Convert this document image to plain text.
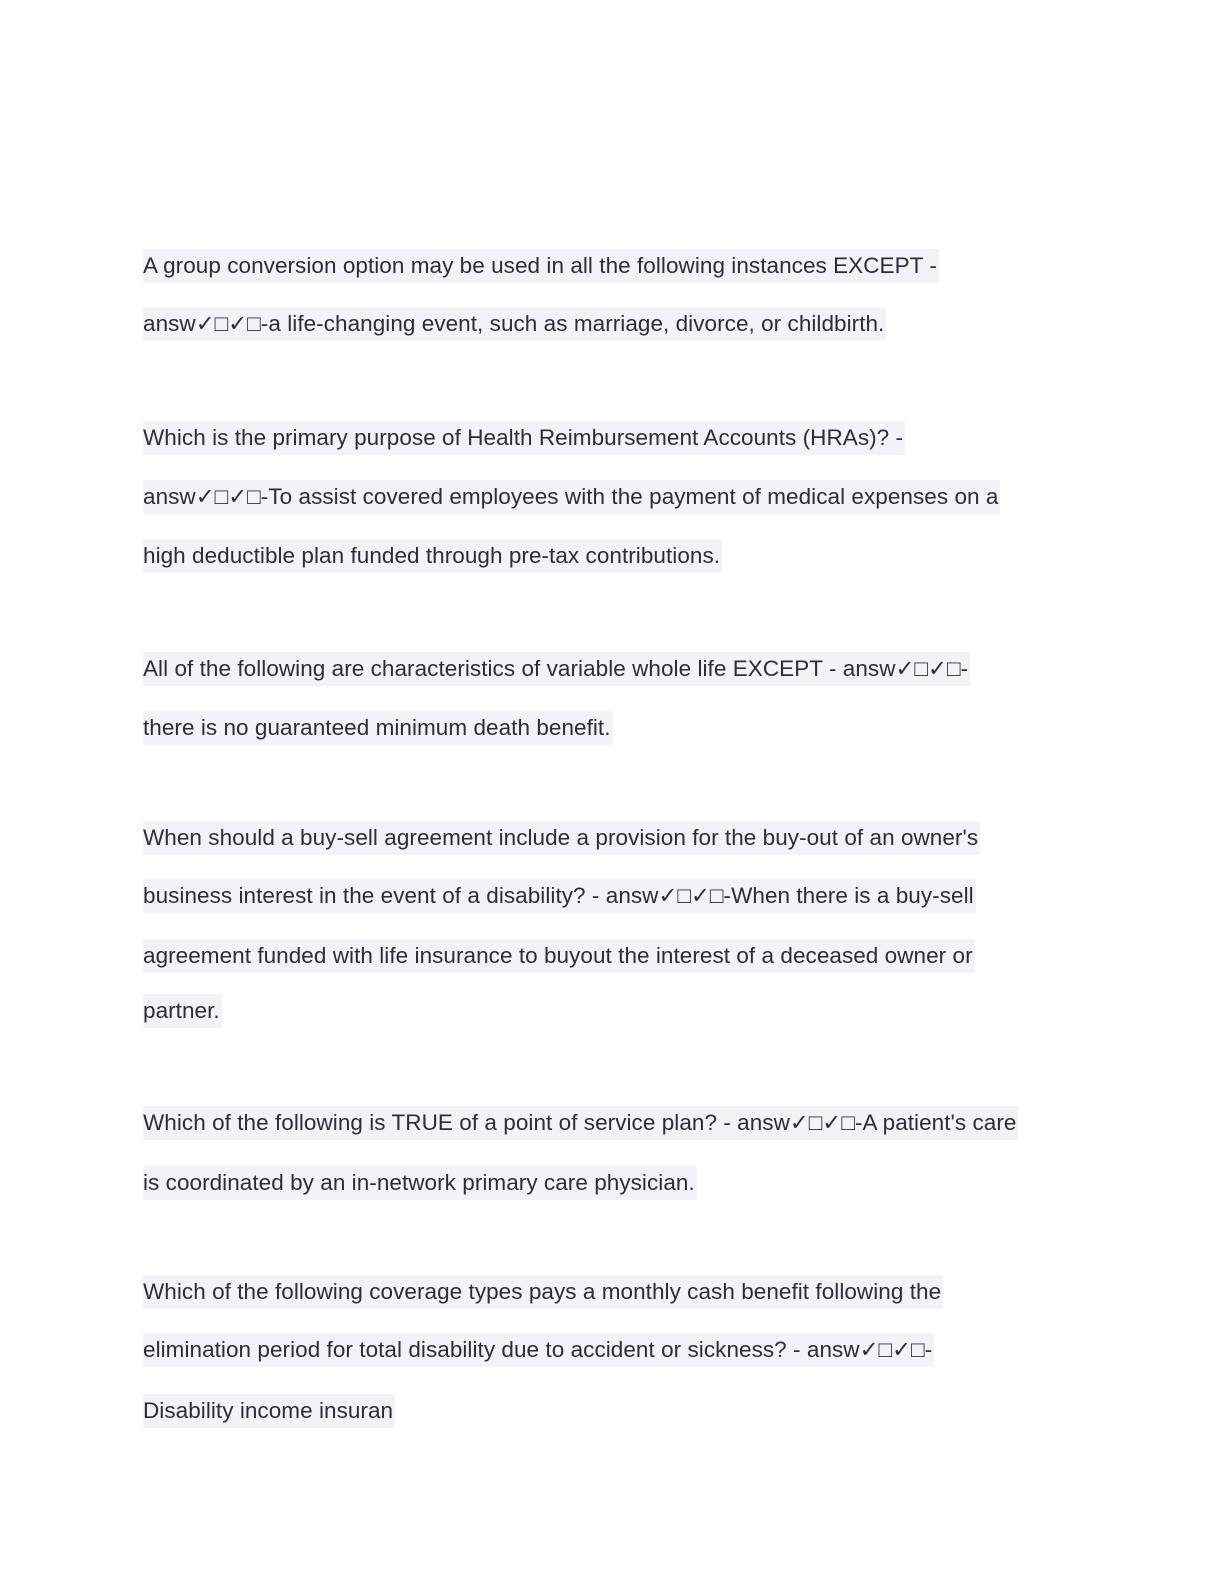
A group conversion option may be used in all the following instances EXCEPT -
answ✓□✓□-a life-changing event, such as marriage, divorce, or childbirth.
Which is the primary purpose of Health Reimbursement Accounts (HRAs)? -
answ✓□✓□-To assist covered employees with the payment of medical expenses on a
high deductible plan funded through pre-tax contributions.
All of the following are characteristics of variable whole life EXCEPT - answ✓□✓□-
there is no guaranteed minimum death benefit.
When should a buy-sell agreement include a provision for the buy-out of an owner's
business interest in the event of a disability? - answ✓□✓□-When there is a buy-sell
agreement funded with life insurance to buyout the interest of a deceased owner or
partner.
Which of the following is TRUE of a point of service plan? - answ✓□✓□-A patient's care
is coordinated by an in-network primary care physician.
Which of the following coverage types pays a monthly cash benefit following the
elimination period for total disability due to accident or sickness? - answ✓□✓□-
Disability income insuran
